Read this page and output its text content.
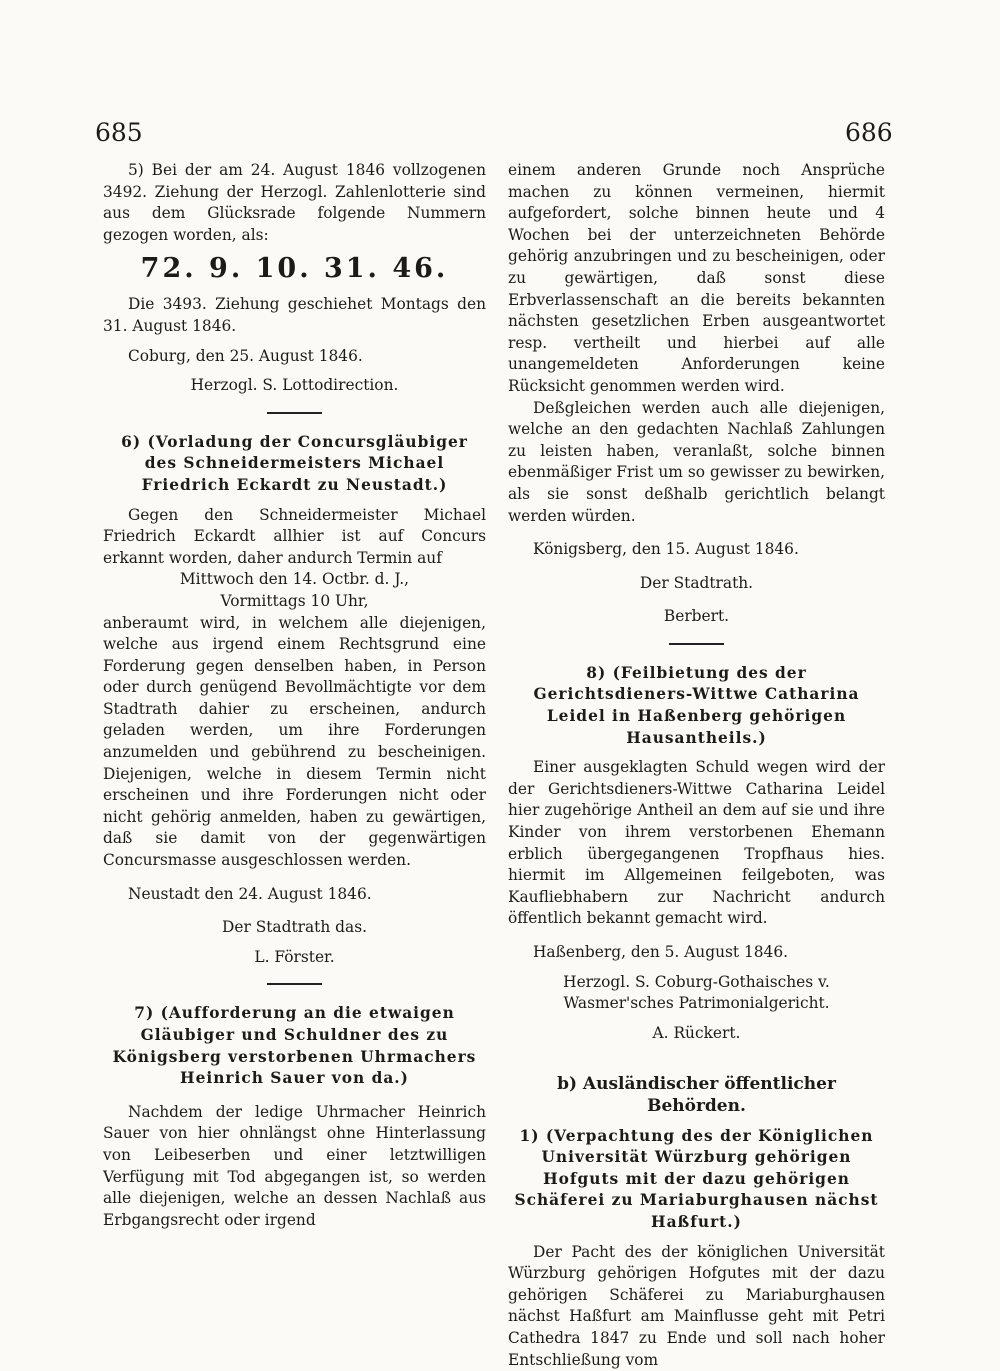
685	686

5) Bei der am 24. August 1846 vollzogenen 3492. Ziehung der Herzogl. Zahlenlotterie sind aus dem Glücksrade folgende Nummern gezogen worden, als:

72. 9. 10. 31. 46.

Die 3493. Ziehung geschiehet Montags den 31. August 1846.

Coburg, den 25. August 1846.

Herzogl. S. Lottodirection.

6) (Vorladung der Concursgläubiger des Schneidermeisters Michael Friedrich Eckardt zu Neustadt.)

Gegen den Schneidermeister Michael Friedrich Eckardt allhier ist auf Concurs erkannt worden, daher andurch Termin auf

Mittwoch den 14. Octbr. d. J.,

Vormittags 10 Uhr,

anberaumt wird, in welchem alle diejenigen, welche aus irgend einem Rechtsgrund eine Forderung gegen denselben haben, in Person oder durch genügend Bevollmächtigte vor dem Stadtrath dahier zu erscheinen, andurch geladen werden, um ihre Forderungen anzumelden und gebührend zu bescheinigen. Diejenigen, welche in diesem Termin nicht erscheinen und ihre Forderungen nicht oder nicht gehörig anmelden, haben zu gewärtigen, daß sie damit von der gegenwärtigen Concursmasse ausgeschlossen werden.

Neustadt den 24. August 1846.

Der Stadtrath das.

L. Förster.

7) (Aufforderung an die etwaigen Gläubiger und Schuldner des zu Königsberg verstorbenen Uhrmachers Heinrich Sauer von da.)

Nachdem der ledige Uhrmacher Heinrich Sauer von hier ohnlängst ohne Hinterlassung von Leibeserben und einer letztwilligen Verfügung mit Tod abgegangen ist, so werden alle diejenigen, welche an dessen Nachlaß aus Erbgangsrecht oder irgend

einem anderen Grunde noch Ansprüche machen zu können vermeinen, hiermit aufgefordert, solche binnen heute und 4 Wochen bei der unterzeichneten Behörde gehörig anzubringen und zu bescheinigen, oder zu gewärtigen, daß sonst diese Erbverlassenschaft an die bereits bekannten nächsten gesetzlichen Erben ausgeantwortet resp. vertheilt und hierbei auf alle unangemeldeten Anforderungen keine Rücksicht genommen werden wird.

Deßgleichen werden auch alle diejenigen, welche an den gedachten Nachlaß Zahlungen zu leisten haben, veranlaßt, solche binnen ebenmäßiger Frist um so gewisser zu bewirken, als sie sonst deßhalb gerichtlich belangt werden würden.

Königsberg, den 15. August 1846.

Der Stadtrath.

Berbert.

8) (Feilbietung des der Gerichtsdieners-Wittwe Catharina Leidel in Haßenberg gehörigen Hausantheils.)

Einer ausgeklagten Schuld wegen wird der der Gerichtsdieners-Wittwe Catharina Leidel hier zugehörige Antheil an dem auf sie und ihre Kinder von ihrem verstorbenen Ehemann erblich übergegangenen Tropfhaus hies. hiermit im Allgemeinen feilgeboten, was Kaufliebhabern zur Nachricht andurch öffentlich bekannt gemacht wird.

Haßenberg, den 5. August 1846.

Herzogl. S. Coburg-Gothaisches v. Wasmer'sches Patrimonialgericht.

A. Rückert.

b) Ausländischer öffentlicher Behörden.

1) (Verpachtung des der Königlichen Universität Würzburg gehörigen Hofguts mit der dazu gehörigen Schäferei zu Mariaburghausen nächst Haßfurt.)

Der Pacht des der königlichen Universität Würzburg gehörigen Hofgutes mit der dazu gehörigen Schäferei zu Mariaburghausen nächst Haßfurt am Mainflusse geht mit Petri Cathedra 1847 zu Ende und soll nach hoher Entschließung vom
